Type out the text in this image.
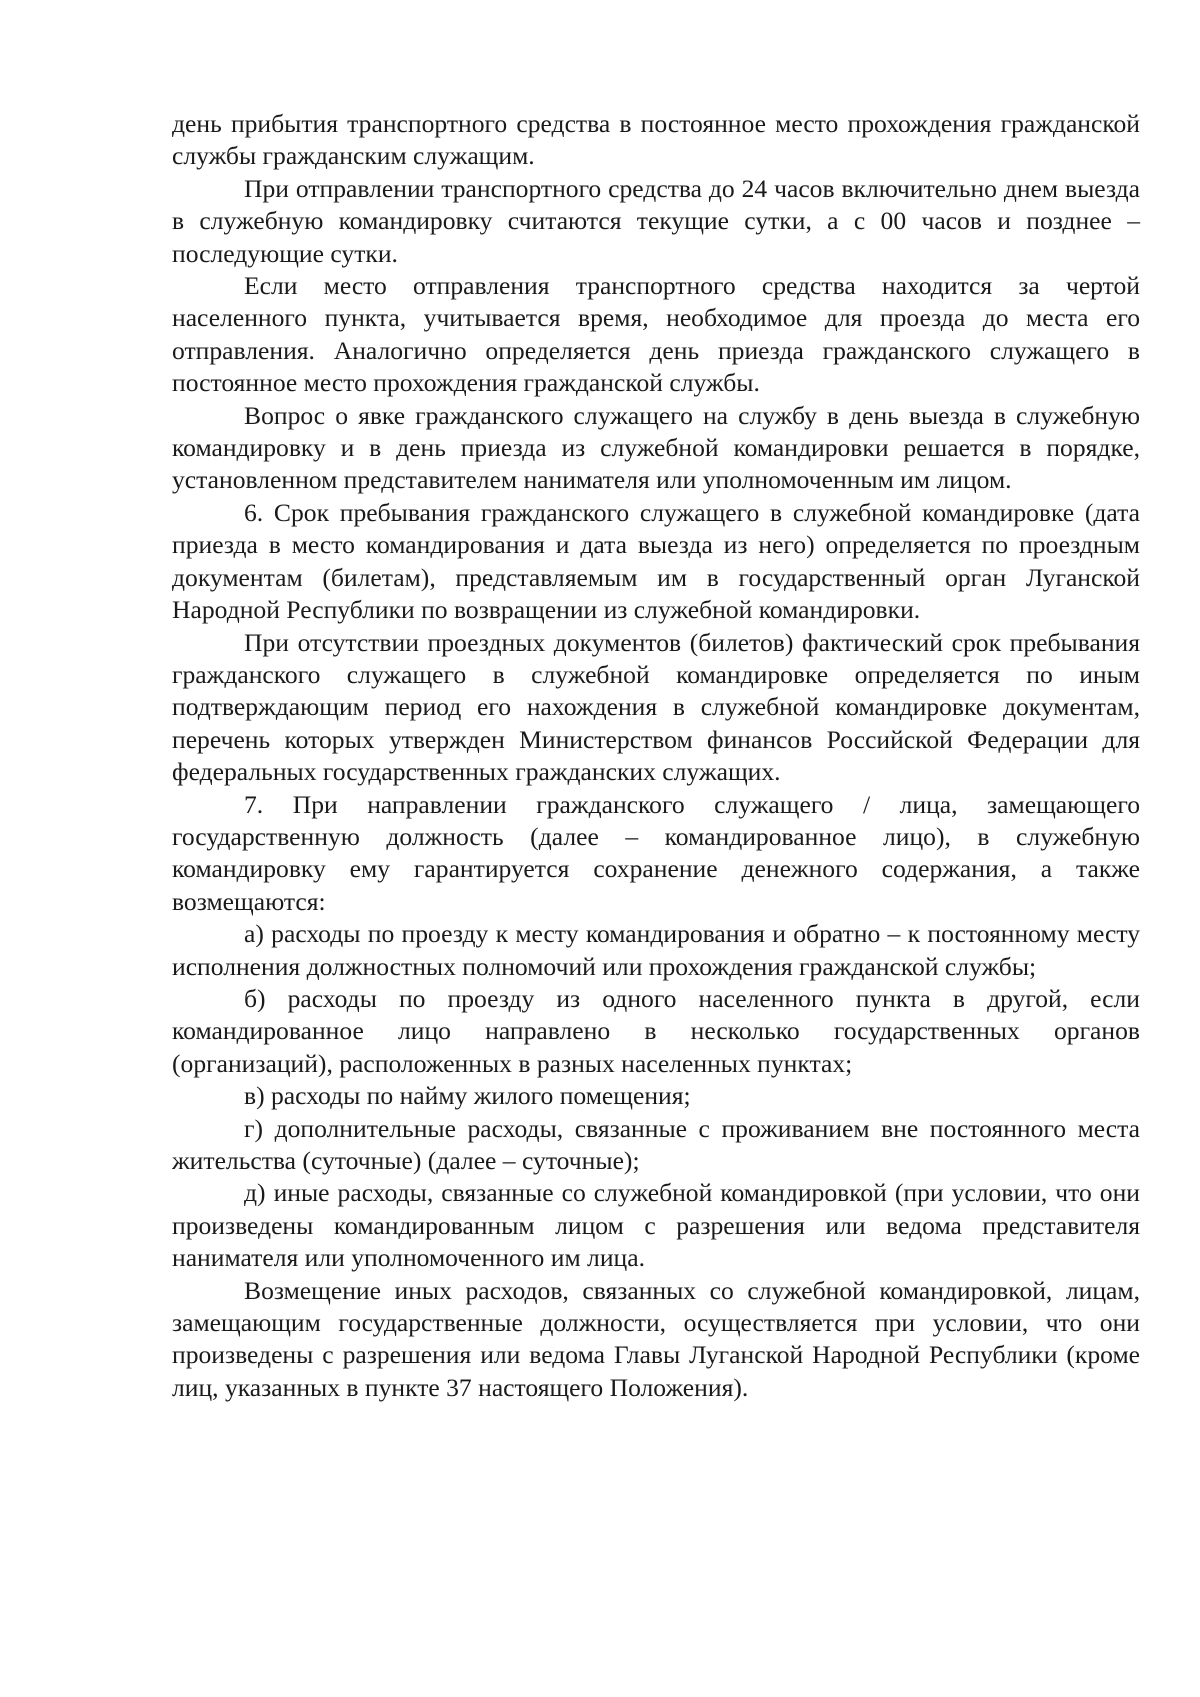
день прибытия транспортного средства в постоянное место прохождения гражданской службы гражданским служащим.

При отправлении транспортного средства до 24 часов включительно днем выезда в служебную командировку считаются текущие сутки, а с 00 часов и позднее – последующие сутки.

Если место отправления транспортного средства находится за чертой населенного пункта, учитывается время, необходимое для проезда до места его отправления. Аналогично определяется день приезда гражданского служащего в постоянное место прохождения гражданской службы.

Вопрос о явке гражданского служащего на службу в день выезда в служебную командировку и в день приезда из служебной командировки решается в порядке, установленном представителем нанимателя или уполномоченным им лицом.

6. Срок пребывания гражданского служащего в служебной командировке (дата приезда в место командирования и дата выезда из него) определяется по проездным документам (билетам), представляемым им в государственный орган Луганской Народной Республики по возвращении из служебной командировки.

При отсутствии проездных документов (билетов) фактический срок пребывания гражданского служащего в служебной командировке определяется по иным подтверждающим период его нахождения в служебной командировке документам, перечень которых утвержден Министерством финансов Российской Федерации для федеральных государственных гражданских служащих.

7. При направлении гражданского служащего / лица, замещающего государственную должность (далее – командированное лицо), в служебную командировку ему гарантируется сохранение денежного содержания, а также возмещаются:

а) расходы по проезду к месту командирования и обратно – к постоянному месту исполнения должностных полномочий или прохождения гражданской службы;

б) расходы по проезду из одного населенного пункта в другой, если командированное лицо направлено в несколько государственных органов (организаций), расположенных в разных населенных пунктах;

в) расходы по найму жилого помещения;

г) дополнительные расходы, связанные с проживанием вне постоянного места жительства (суточные) (далее – суточные);

д) иные расходы, связанные со служебной командировкой (при условии, что они произведены командированным лицом с разрешения или ведома представителя нанимателя или уполномоченного им лица.

Возмещение иных расходов, связанных со служебной командировкой, лицам, замещающим государственные должности, осуществляется при условии, что они произведены с разрешения или ведома Главы Луганской Народной Республики (кроме лиц, указанных в пункте 37 настоящего Положения).
